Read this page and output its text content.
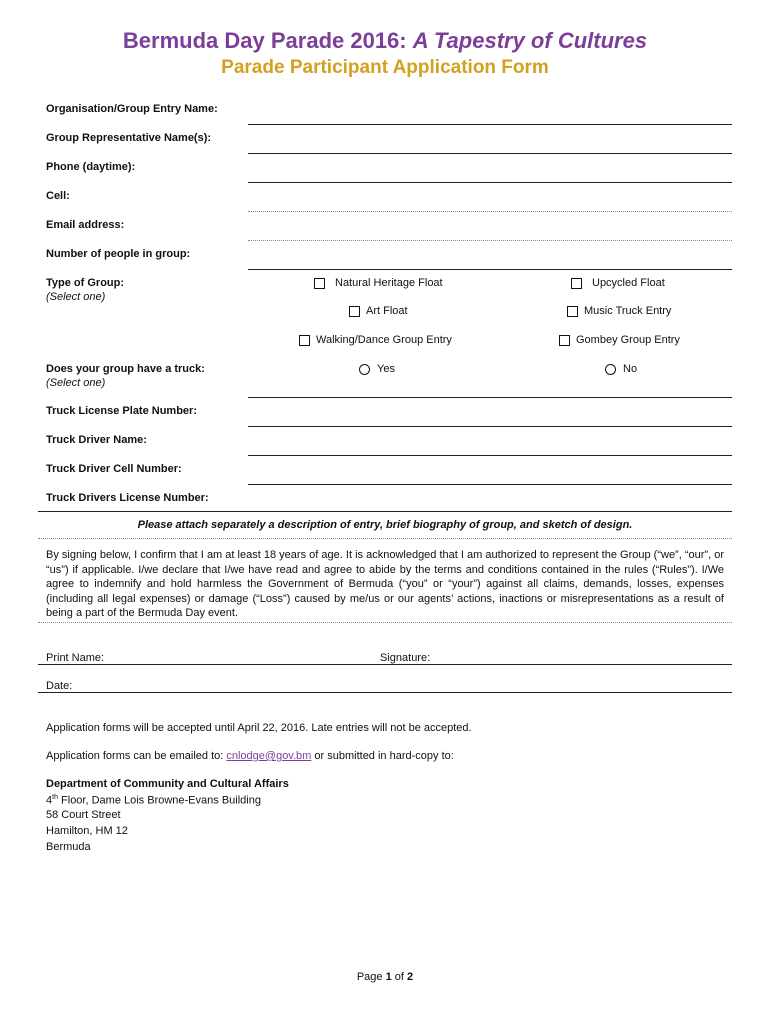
Bermuda Day Parade 2016: A Tapestry of Cultures
Parade Participant Application Form
Organisation/Group Entry Name:
Group Representative Name(s):
Phone (daytime):
Cell:
Email address:
Number of people in group:
Type of Group:
(Select one)
Natural Heritage Float	Upcycled Float
Art Float	Music Truck Entry
Walking/Dance Group Entry	Gombey Group Entry
Does your group have a truck:
(Select one)
Yes	No
Truck License Plate Number:
Truck Driver Name:
Truck Driver Cell Number:
Truck Drivers License Number:
Please attach separately a description of entry, brief biography of group, and sketch of design.
By signing below, I confirm that I am at least 18 years of age. It is acknowledged that I am authorized to represent the Group (“we”, “our”, or “us”) if applicable. I/we declare that I/we have read and agree to abide by the terms and conditions contained in the rules (“Rules”). I/We agree to indemnify and hold harmless the Government of Bermuda (“you” or “your”) against all claims, demands, losses, expenses (including all legal expenses) or damage (“Loss”) caused by me/us or our agents’ actions, inactions or misrepresentations as a result of being a part of the Bermuda Day event.
Print Name:	Signature:
Date:
Application forms will be accepted until April 22, 2016. Late entries will not be accepted.
Application forms can be emailed to: cnlodge@gov.bm or submitted in hard-copy to:
Department of Community and Cultural Affairs
4th Floor, Dame Lois Browne-Evans Building
58 Court Street
Hamilton, HM 12
Bermuda
Page 1 of 2
